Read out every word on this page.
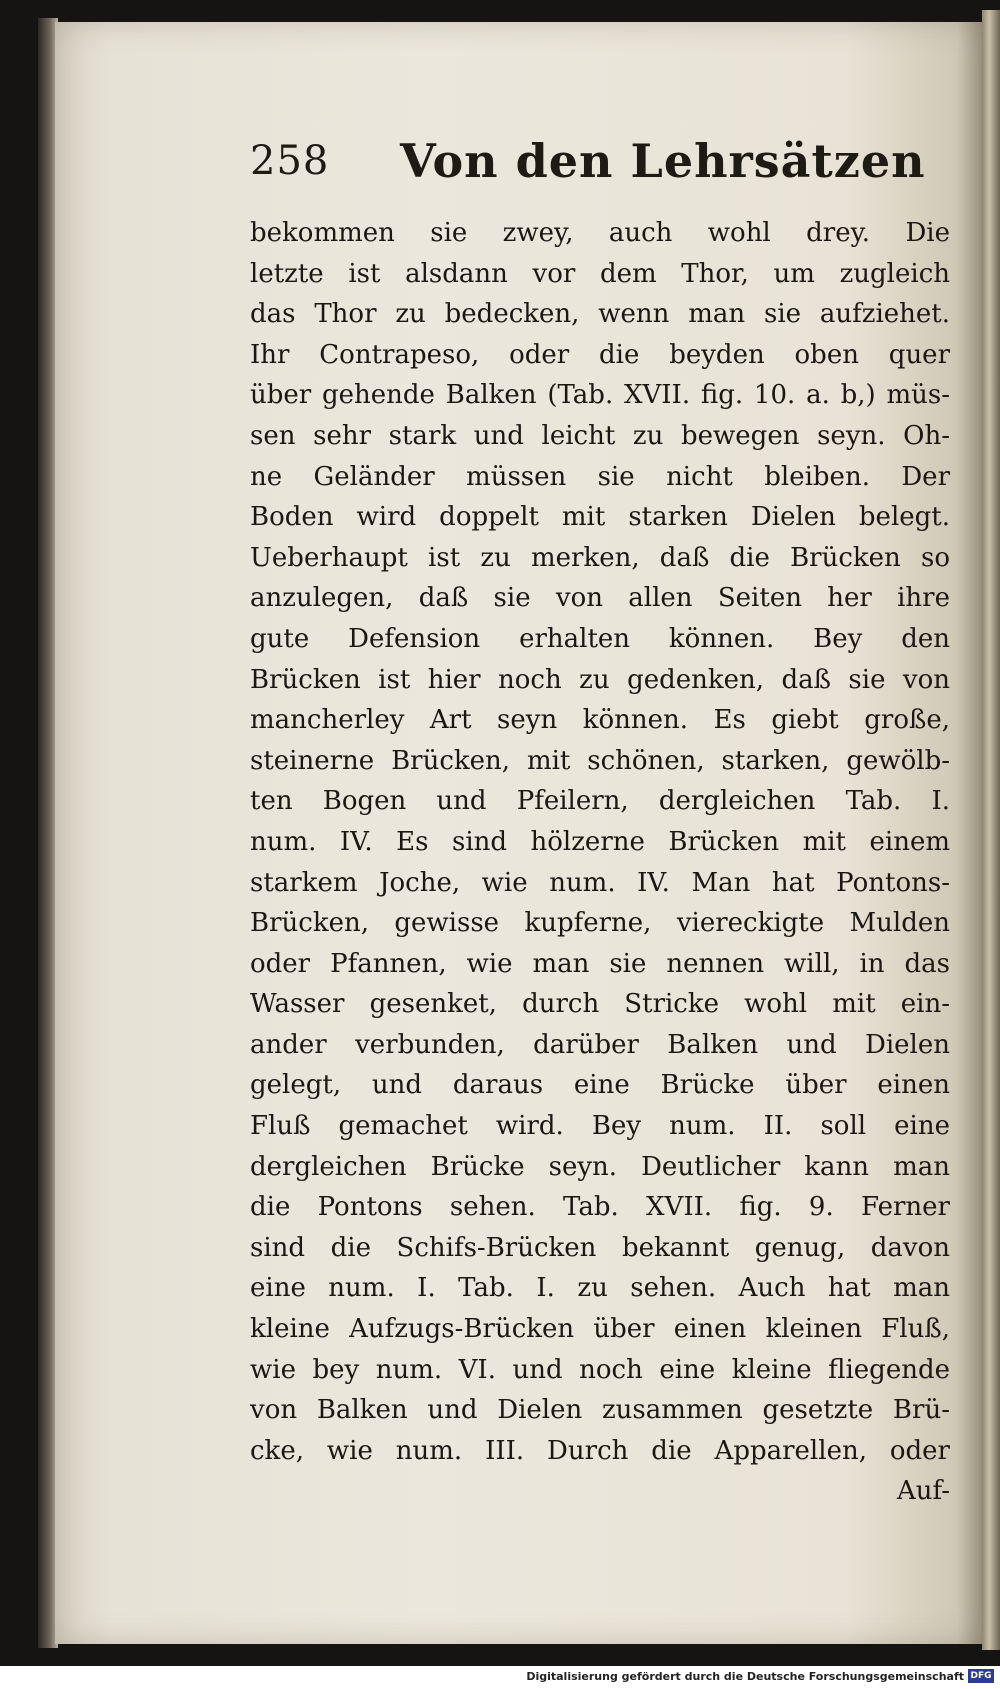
258 Von den Lehrsätzen
bekommen sie zwey, auch wohl drey. Die
letzte ist alsdann vor dem Thor, um zugleich
das Thor zu bedecken, wenn man sie aufziehet.
Ihr Contrapeso, oder die beyden oben quer
über gehende Balken (Tab. XVII. fig. 10. a. b,) müs-
sen sehr stark und leicht zu bewegen seyn. Oh-
ne Geländer müssen sie nicht bleiben. Der
Boden wird doppelt mit starken Dielen belegt.
Ueberhaupt ist zu merken, daß die Brücken so
anzulegen, daß sie von allen Seiten her ihre
gute Defension erhalten können. Bey den
Brücken ist hier noch zu gedenken, daß sie von
mancherley Art seyn können. Es giebt große,
steinerne Brücken, mit schönen, starken, gewölb-
ten Bogen und Pfeilern, dergleichen Tab. I.
num. IV. Es sind hölzerne Brücken mit einem
starkem Joche, wie num. IV. Man hat Pontons-
Brücken, gewisse kupferne, viereckigte Mulden
oder Pfannen, wie man sie nennen will, in das
Wasser gesenket, durch Stricke wohl mit ein-
ander verbunden, darüber Balken und Dielen
gelegt, und daraus eine Brücke über einen
Fluß gemachet wird. Bey num. II. soll eine
dergleichen Brücke seyn. Deutlicher kann man
die Pontons sehen. Tab. XVII. fig. 9. Ferner
sind die Schifs-Brücken bekannt genug, davon
eine num. I. Tab. I. zu sehen. Auch hat man
kleine Aufzugs-Brücken über einen kleinen Fluß,
wie bey num. VI. und noch eine kleine fliegende
von Balken und Dielen zusammen gesetzte Brü-
cke, wie num. III. Durch die Apparellen, oder
Auf-
Digitalisierung gefördert durch die Deutsche Forschungsgemeinschaft DFG
